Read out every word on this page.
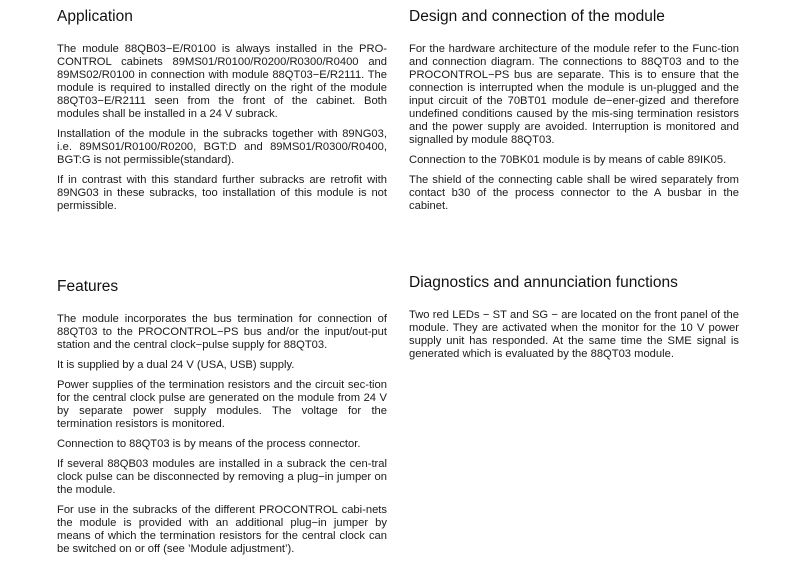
Application

The module 88QB03−E/R0100 is always installed in the PRO-CONTROL cabinets 89MS01/R0100/R0200/R0300/R0400 and 89MS02/R0100 in connection with module 88QT03−E/R2111. The module is required to installed directly on the right of the module 88QT03−E/R2111 seen from the front of the cabinet. Both modules shall be installed in a 24 V subrack.

Installation of the module in the subracks together with 89NG03, i.e. 89MS01/R0100/R0200, BGT:D and 89MS01/R0300/R0400, BGT:G is not permissible(standard).

If in contrast with this standard further subracks are retrofit with 89NG03 in these subracks, too installation of this module is not permissible.

Features

The module incorporates the bus termination for connection of 88QT03 to the PROCONTROL−PS bus and/or the input/out-put station and the central clock−pulse supply for 88QT03.

It is supplied by a dual 24 V (USA, USB) supply.

Power supplies of the termination resistors and the circuit sec-tion for the central clock pulse are generated on the module from 24 V by separate power supply modules. The voltage for the termination resistors is monitored.

Connection to 88QT03 is by means of the process connector.

If several 88QB03 modules are installed in a subrack the cen-tral clock pulse can be disconnected by removing a plug−in jumper on the module.

For use in the subracks of the different PROCONTROL cabi-nets the module is provided with an additional plug−in jumper by means of which the termination resistors for the central clock can be switched on or off (see ’Module adjustment’).

Design and connection of the module

For the hardware architecture of the module refer to the Func-tion and connection diagram. The connections to 88QT03 and to the PROCONTROL−PS bus are separate. This is to ensure that the connection is interrupted when the module is un-plugged and the input circuit of the 70BT01 module de−ener-gized and therefore undefined conditions caused by the mis-sing termination resistors and the power supply are avoided. Interruption is monitored and signalled by module 88QT03.

Connection to the 70BK01 module is by means of cable 89IK05.

The shield of the connecting cable shall be wired separately from contact b30 of the process connector to the A busbar in the cabinet.

Diagnostics and annunciation functions

Two red LEDs − ST and SG − are located on the front panel of the module. They are activated when the monitor for the 10 V power supply unit has responded. At the same time the SME signal is generated which is evaluated by the 88QT03 module.
